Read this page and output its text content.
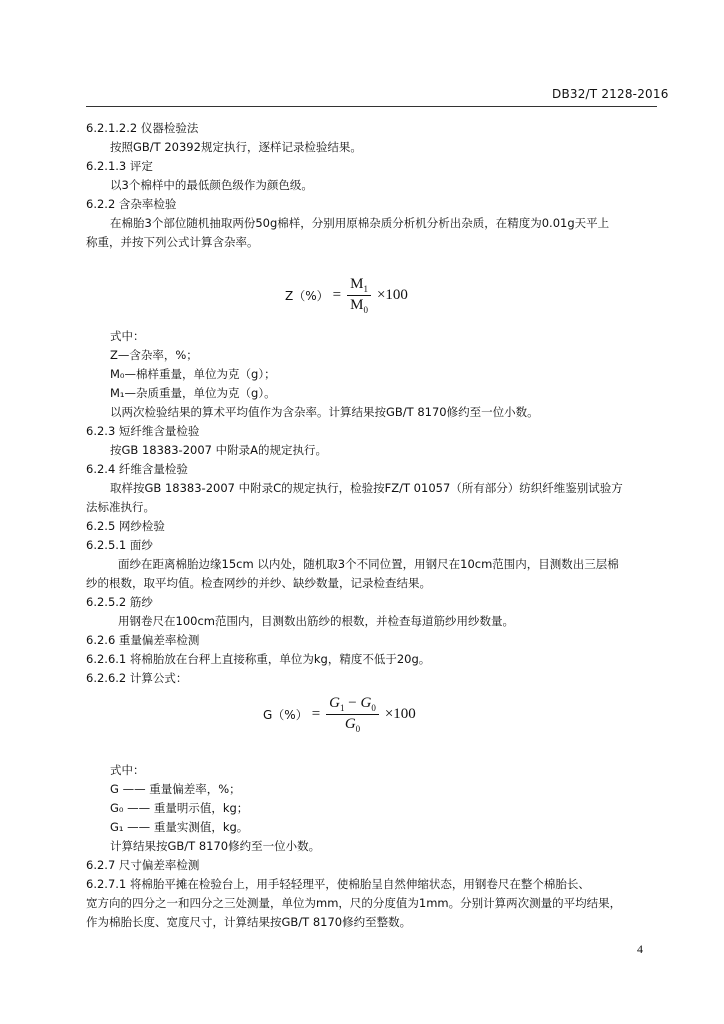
DB32/T 2128-2016
6.2.1.2.2 仪器检验法
按照GB/T 20392规定执行，逐样记录检验结果。
6.2.1.3 评定
以3个棉样中的最低颜色级作为颜色级。
6.2.2 含杂率检验
在棉胎3个部位随机抽取两份50g棉样，分别用原棉杂质分析机分析出杂质，在精度为0.01g天平上
称重，并按下列公式计算含杂率。
$Z(\%) = \frac{M_1}{M_0} \times 100$
式中：
Z—含杂率，%；
M₀—棉样重量，单位为克（g）；
M₁—杂质重量，单位为克（g）。
以两次检验结果的算术平均值作为含杂率。计算结果按GB/T 8170修约至一位小数。
6.2.3 短纤维含量检验
按GB 18383-2007 中附录A的规定执行。
6.2.4 纤维含量检验
取样按GB 18383-2007 中附录C的规定执行，检验按FZ/T 01057（所有部分）纺织纤维鉴别试验方
法标准执行。
6.2.5 网纱检验
6.2.5.1 面纱
面纱在距离棉胎边缘15cm 以内处，随机取3个不同位置，用钢尺在10cm范围内，目测数出三层棉
纱的根数，取平均值。检查网纱的并纱、缺纱数量，记录检查结果。
6.2.5.2 筋纱
用钢卷尺在100cm范围内，目测数出筋纱的根数，并检查每道筋纱用纱数量。
6.2.6 重量偏差率检测
6.2.6.1 将棉胎放在台秤上直接称重，单位为kg，精度不低于20g。
6.2.6.2 计算公式：
$G(\%) = \frac{G_1 - G_0}{G_0} \times 100$
式中：
G —— 重量偏差率，%；
G₀ —— 重量明示值，kg；
G₁ —— 重量实测值，kg。
计算结果按GB/T 8170修约至一位小数。
6.2.7 尺寸偏差率检测
6.2.7.1 将棉胎平摊在检验台上，用手轻轻理平，使棉胎呈自然伸缩状态，用钢卷尺在整个棉胎长、
宽方向的四分之一和四分之三处测量，单位为mm，尺的分度值为1mm。分别计算两次测量的平均结果，
作为棉胎长度、宽度尺寸，计算结果按GB/T 8170修约至整数。
4
